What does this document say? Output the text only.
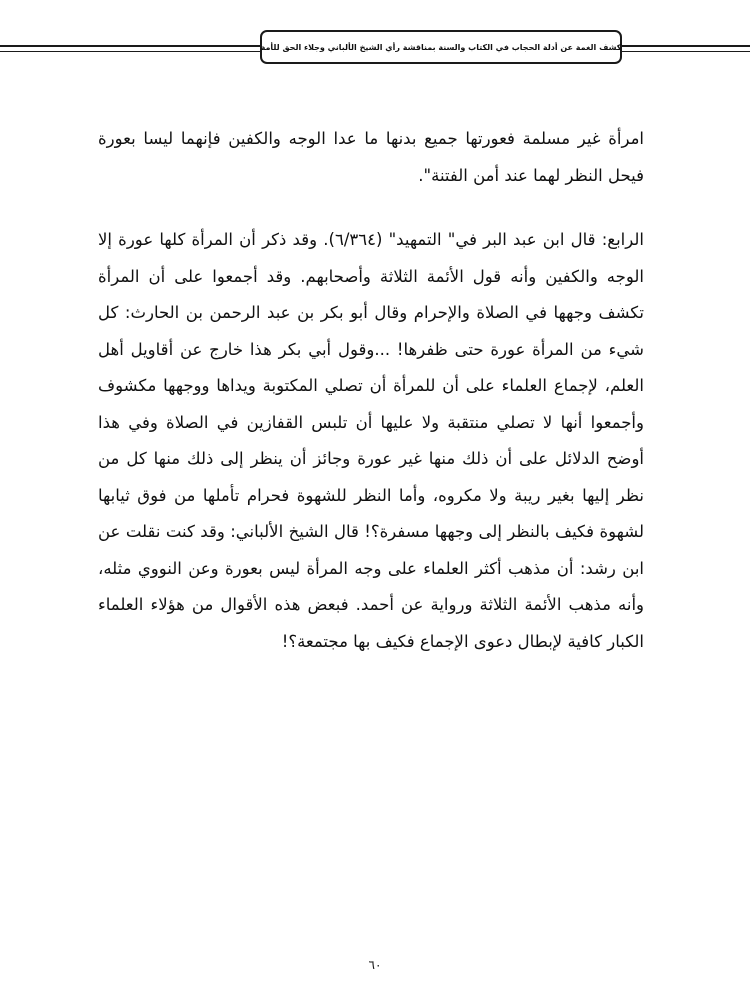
كشف الغمة عن أدلة الحجاب في الكتاب والسنة بمناقشة رأي الشيخ الألباني وجلاء الحق للأمة

امرأة غير مسلمة فعورتها جميع بدنها ما عدا الوجه والكفين فإنهما ليسا بعورة فيحل النظر لهما عند أمن الفتنة".

الرابع: قال ابن عبد البر في" التمهيد" (٦/٣٦٤). وقد ذكر أن المرأة كلها عورة إلا الوجه والكفين وأنه قول الأئمة الثلاثة وأصحابهم. وقد أجمعوا على أن المرأة تكشف وجهها في الصلاة والإحرام وقال أبو بكر بن عبد الرحمن بن الحارث: كل شيء من المرأة عورة حتى ظفرها! ...وقول أبي بكر هذا خارج عن أقاويل أهل العلم، لإجماع العلماء على أن للمرأة أن تصلي المكتوبة ويداها ووجهها مكشوف وأجمعوا أنها لا تصلي منتقبة ولا عليها أن تلبس القفازين في الصلاة وفي هذا أوضح الدلائل على أن ذلك منها غير عورة وجائز أن ينظر إلى ذلك منها كل من نظر إليها بغير ريبة ولا مكروه، وأما النظر للشهوة فحرام تأملها من فوق ثيابها لشهوة فكيف بالنظر إلى وجهها مسفرة؟! قال الشيخ الألباني: وقد كنت نقلت عن ابن رشد: أن مذهب أكثر العلماء على وجه المرأة ليس بعورة وعن النووي مثله، وأنه مذهب الأئمة الثلاثة ورواية عن أحمد. فبعض هذه الأقوال من هؤلاء العلماء الكبار كافية لإبطال دعوى الإجماع فكيف بها مجتمعة؟!

٦٠
